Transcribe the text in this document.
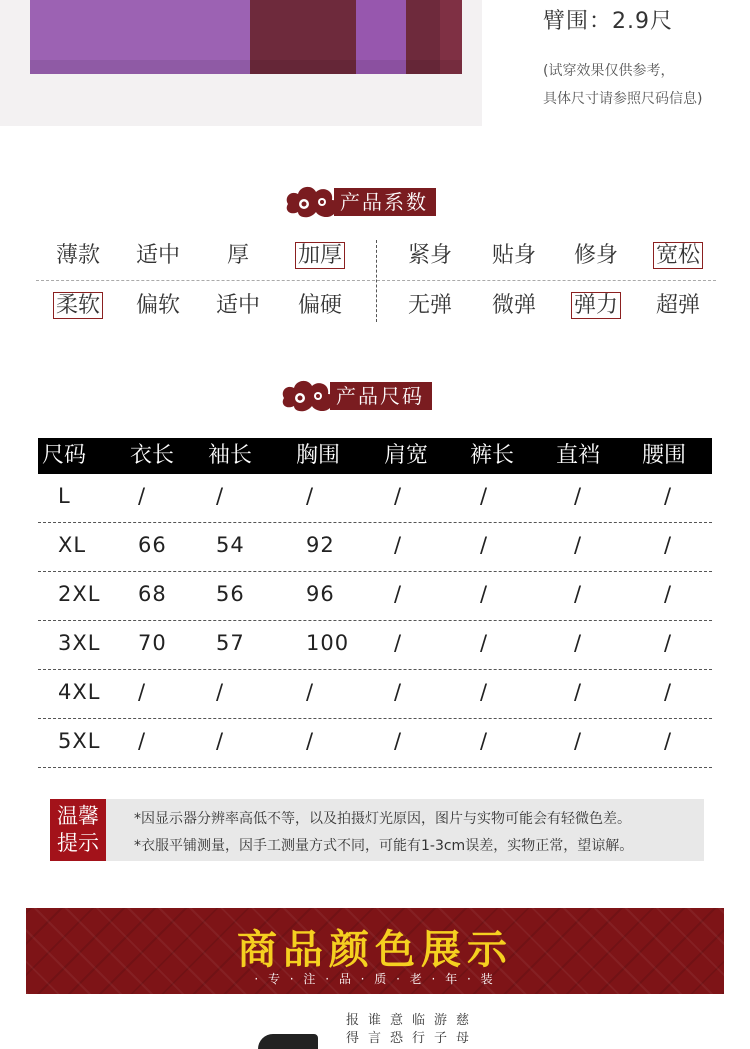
臂围：2.9尺
(试穿效果仅供参考，
具体尺寸请参照尺码信息)
产品系数
薄款	适中	厚	加厚	紧身	贴身	修身	宽松
柔软	偏软	适中	偏硬	无弹	微弹	弹力	超弹
产品尺码
尺码 衣长 袖长 胸围 肩宽 裤长 直裆 腰围
L	/	/	/	/	/	/	/
XL 66 54	92	/	/	/	/
2XL 68 56	96	/	/	/	/
3XL 70 57	100 /	/	/	/
4XL /	/	/	/	/	/	/
5XL /	/	/	/	/	/	/
温馨
提示
*因显示器分辨率高低不等，以及拍摄灯光原因，图片与实物可能会有轻微色差。
*衣服平铺测量，因手工测量方式不同，可能有1-3cm误差，实物正常，望谅解。
商品颜色展示
· 专 · 注 · 品 · 质 · 老 · 年 · 装
报得
谁言
意恐
临行
游子
慈母
